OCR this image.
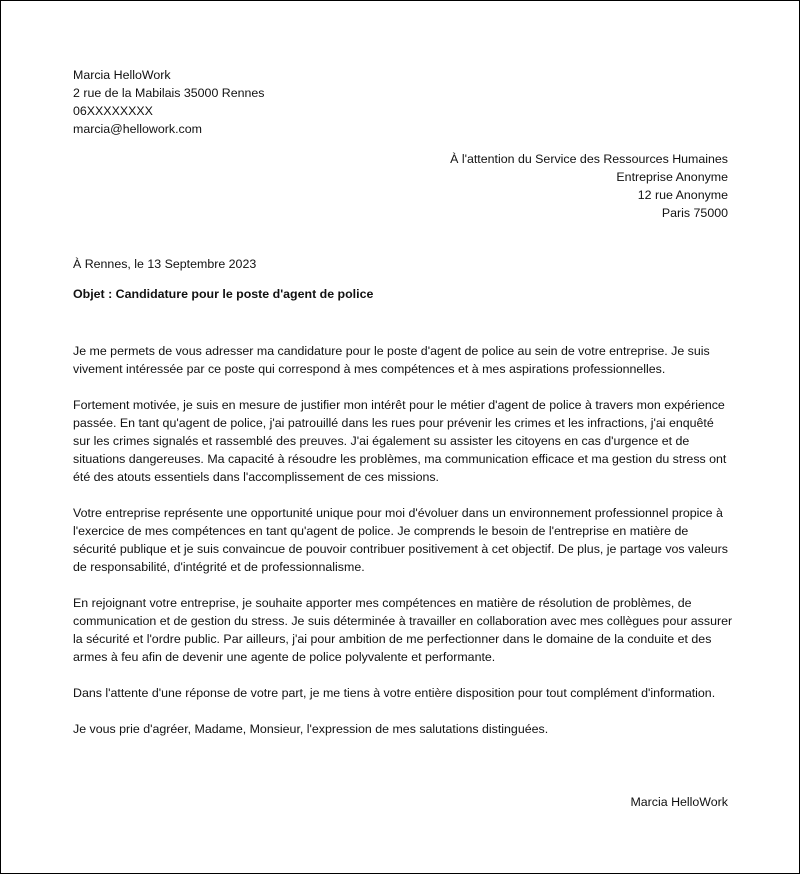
Marcia HelloWork
2 rue de la Mabilais 35000 Rennes
06XXXXXXXX
marcia@hellowork.com
À l'attention du Service des Ressources Humaines
Entreprise Anonyme
12 rue Anonyme
Paris 75000
À Rennes, le 13 Septembre 2023
Objet : Candidature pour le poste d'agent de police

Je me permets de vous adresser ma candidature pour le poste d'agent de police au sein de votre entreprise. Je suis vivement intéressée par ce poste qui correspond à mes compétences et à mes aspirations professionnelles.

Fortement motivée, je suis en mesure de justifier mon intérêt pour le métier d'agent de police à travers mon expérience passée. En tant qu'agent de police, j'ai patrouillé dans les rues pour prévenir les crimes et les infractions, j'ai enquêté sur les crimes signalés et rassemblé des preuves. J'ai également su assister les citoyens en cas d'urgence et de situations dangereuses. Ma capacité à résoudre les problèmes, ma communication efficace et ma gestion du stress ont été des atouts essentiels dans l'accomplissement de ces missions.

Votre entreprise représente une opportunité unique pour moi d'évoluer dans un environnement professionnel propice à l'exercice de mes compétences en tant qu'agent de police. Je comprends le besoin de l'entreprise en matière de sécurité publique et je suis convaincue de pouvoir contribuer positivement à cet objectif. De plus, je partage vos valeurs de responsabilité, d'intégrité et de professionnalisme.

En rejoignant votre entreprise, je souhaite apporter mes compétences en matière de résolution de problèmes, de communication et de gestion du stress. Je suis déterminée à travailler en collaboration avec mes collègues pour assurer la sécurité et l'ordre public. Par ailleurs, j'ai pour ambition de me perfectionner dans le domaine de la conduite et des armes à feu afin de devenir une agente de police polyvalente et performante.

Dans l'attente d'une réponse de votre part, je me tiens à votre entière disposition pour tout complément d'information.

Je vous prie d'agréer, Madame, Monsieur, l'expression de mes salutations distinguées.

Marcia HelloWork
